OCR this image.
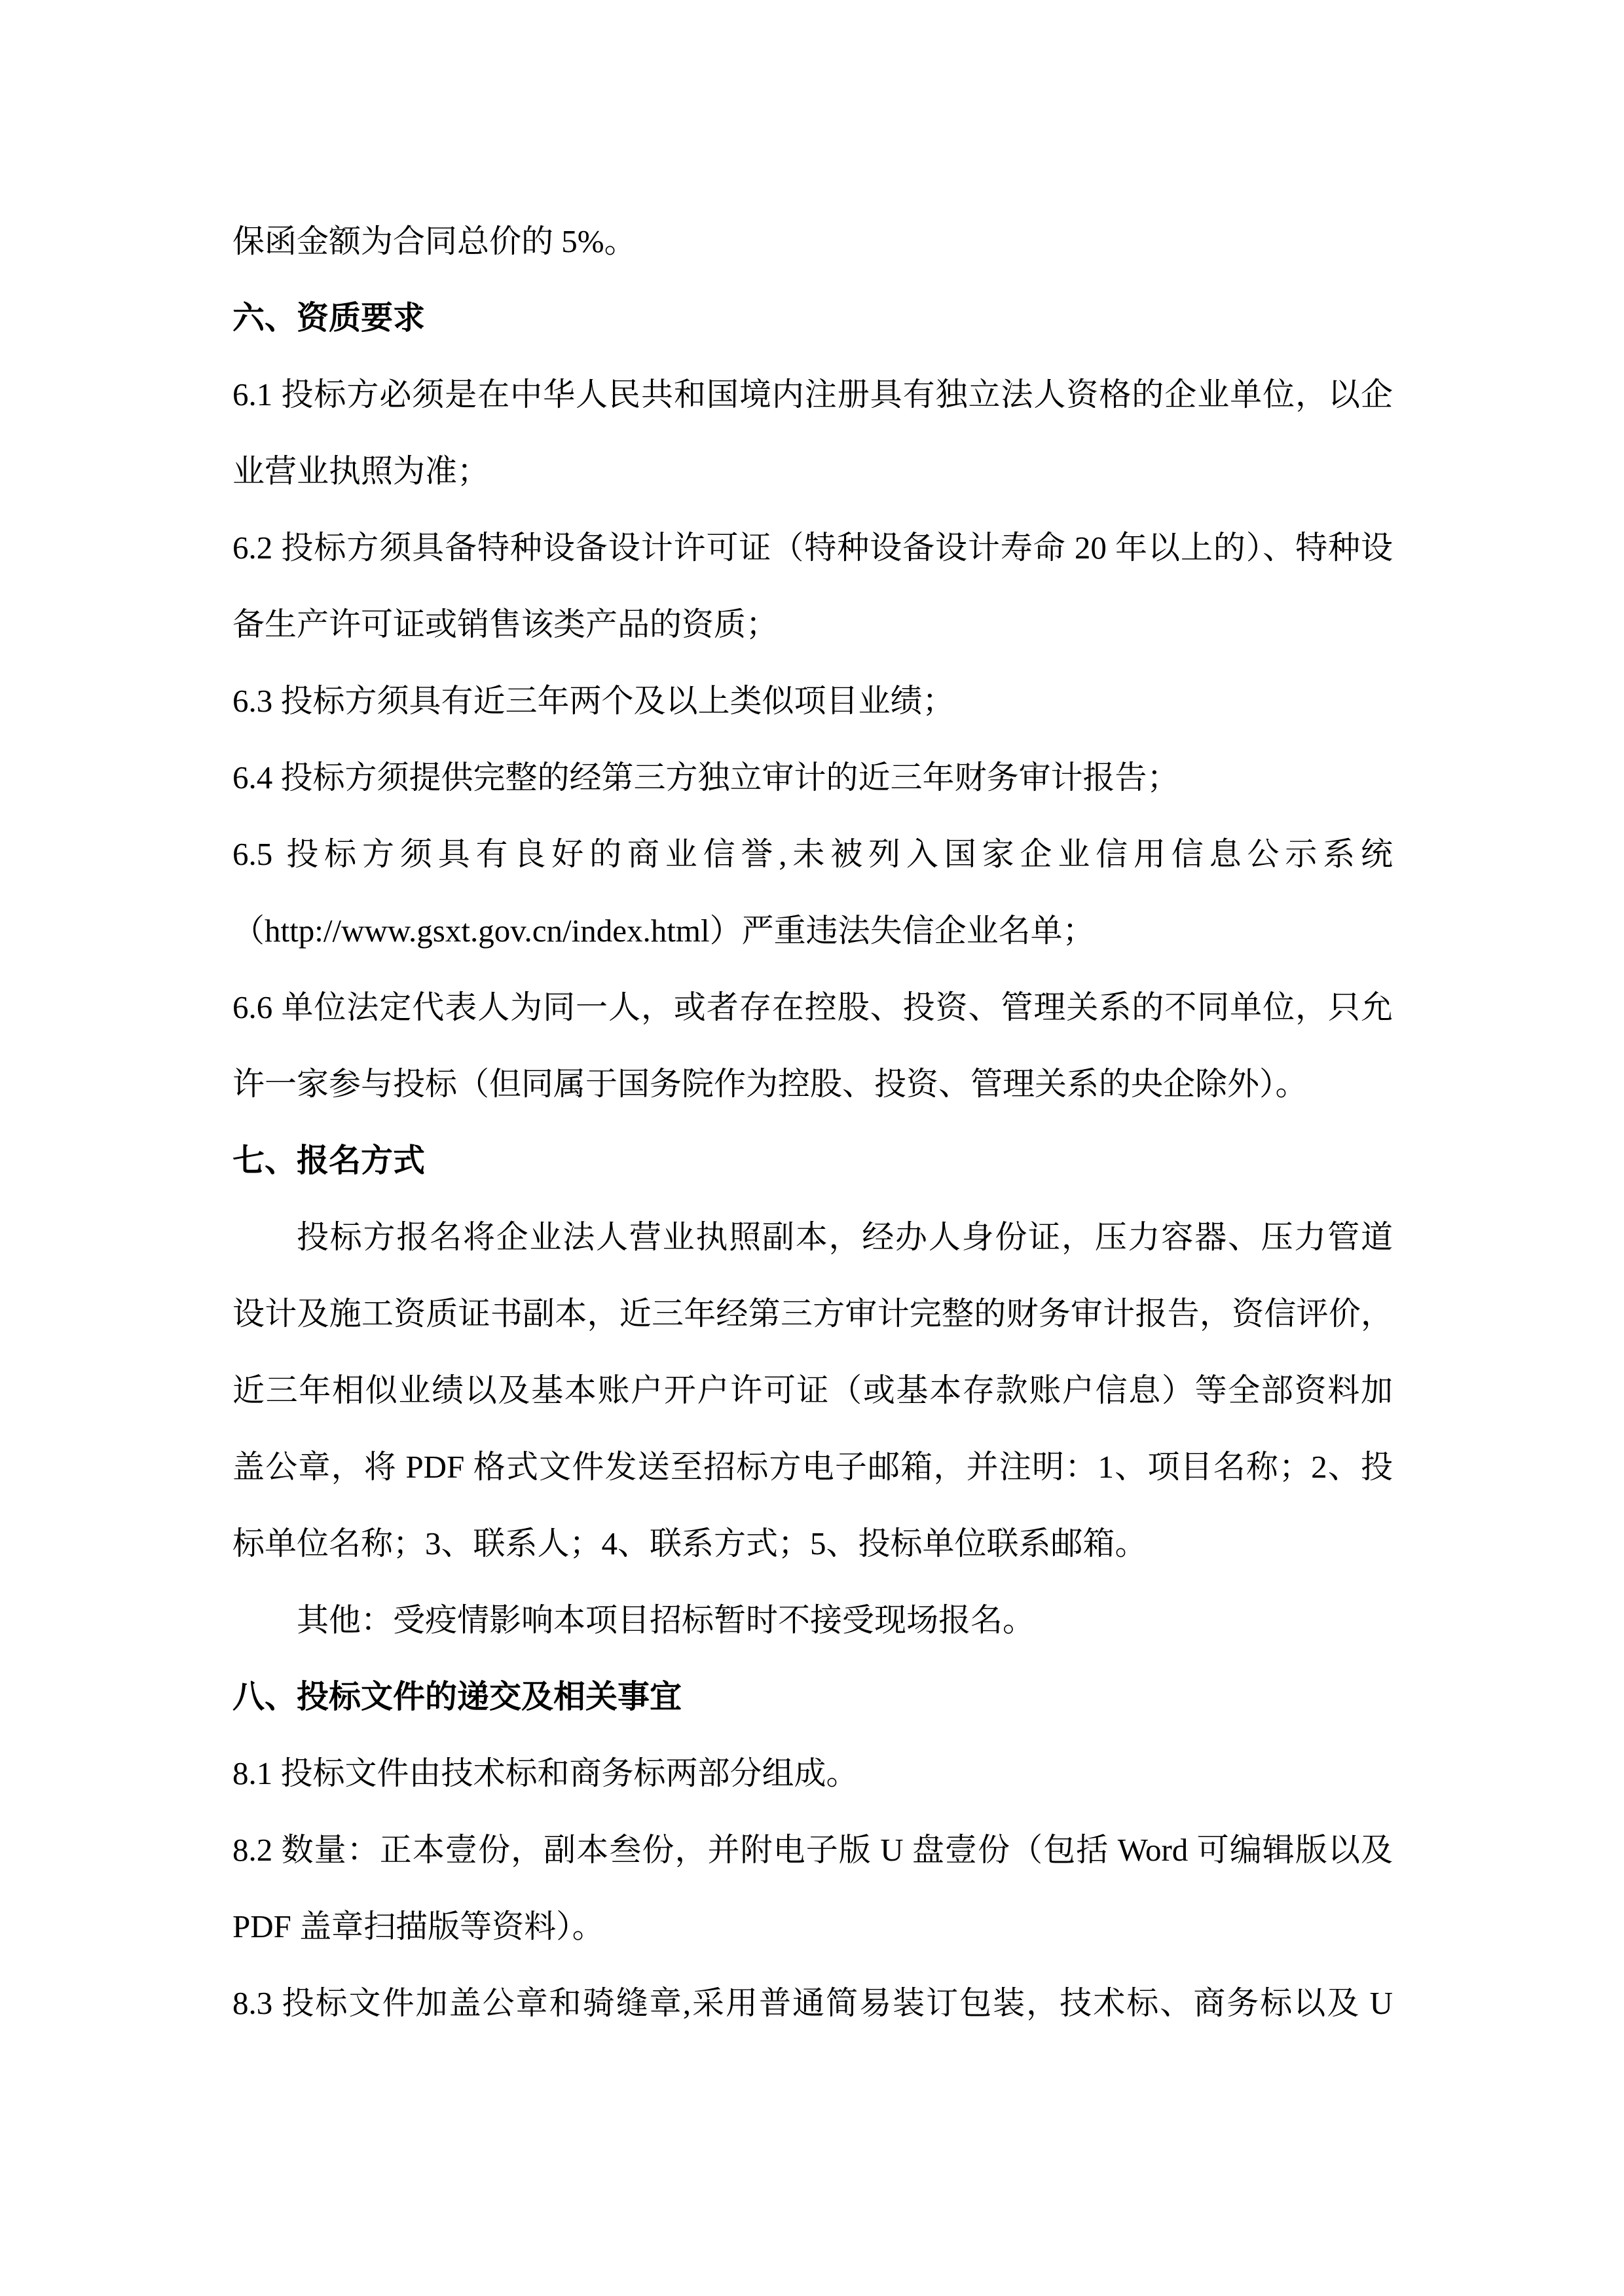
保函金额为合同总价的 5%。
六、资质要求
6.1 投标方必须是在中华人民共和国境内注册具有独立法人资格的企业单位，以企
业营业执照为准；
6.2 投标方须具备特种设备设计许可证（特种设备设计寿命 20 年以上的）、特种设
备生产许可证或销售该类产品的资质；
6.3 投标方须具有近三年两个及以上类似项目业绩；
6.4 投标方须提供完整的经第三方独立审计的近三年财务审计报告；
6.5 投标方须具有良好的商业信誉,未被列入国家企业信用信息公示系统
（http://www.gsxt.gov.cn/index.html）严重违法失信企业名单；
6.6 单位法定代表人为同一人，或者存在控股、投资、管理关系的不同单位，只允
许一家参与投标（但同属于国务院作为控股、投资、管理关系的央企除外）。
七、报名方式
投标方报名将企业法人营业执照副本，经办人身份证，压力容器、压力管道
设计及施工资质证书副本，近三年经第三方审计完整的财务审计报告，资信评价，
近三年相似业绩以及基本账户开户许可证（或基本存款账户信息）等全部资料加
盖公章，将 PDF 格式文件发送至招标方电子邮箱，并注明：1、项目名称；2、投
标单位名称；3、联系人；4、联系方式；5、投标单位联系邮箱。
其他：受疫情影响本项目招标暂时不接受现场报名。
八、投标文件的递交及相关事宜
8.1 投标文件由技术标和商务标两部分组成。
8.2 数量：正本壹份，副本叁份，并附电子版 U 盘壹份（包括 Word 可编辑版以及
PDF 盖章扫描版等资料）。
8.3 投标文件加盖公章和骑缝章,采用普通简易装订包装，技术标、商务标以及 U
